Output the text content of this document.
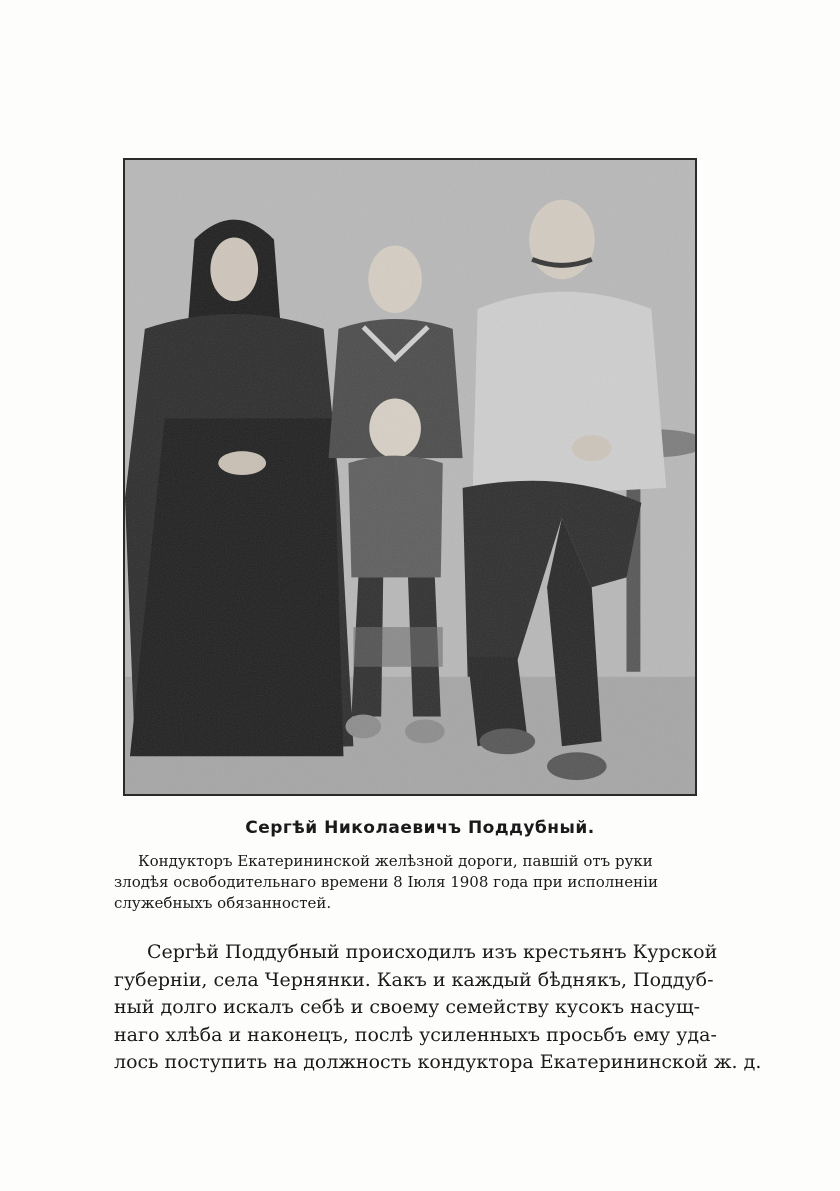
Сергѣй Николаевичъ Поддубный.
Кондукторъ Екатерининской желѣзной дороги, павшій отъ руки
злодѣя освободительнаго времени 8 Іюля 1908 года при исполненіи
служебныхъ обязанностей.
Сергѣй Поддубный происходилъ изъ крестьянъ Курской
губерніи, села Чернянки. Какъ и каждый бѣднякъ, Поддуб-
ный долго искалъ себѣ и своему семейству кусокъ насущ-
наго хлѣба и наконецъ, послѣ усиленныхъ просьбъ ему уда-
лось поступить на должность кондуктора Екатерининской ж. д.
